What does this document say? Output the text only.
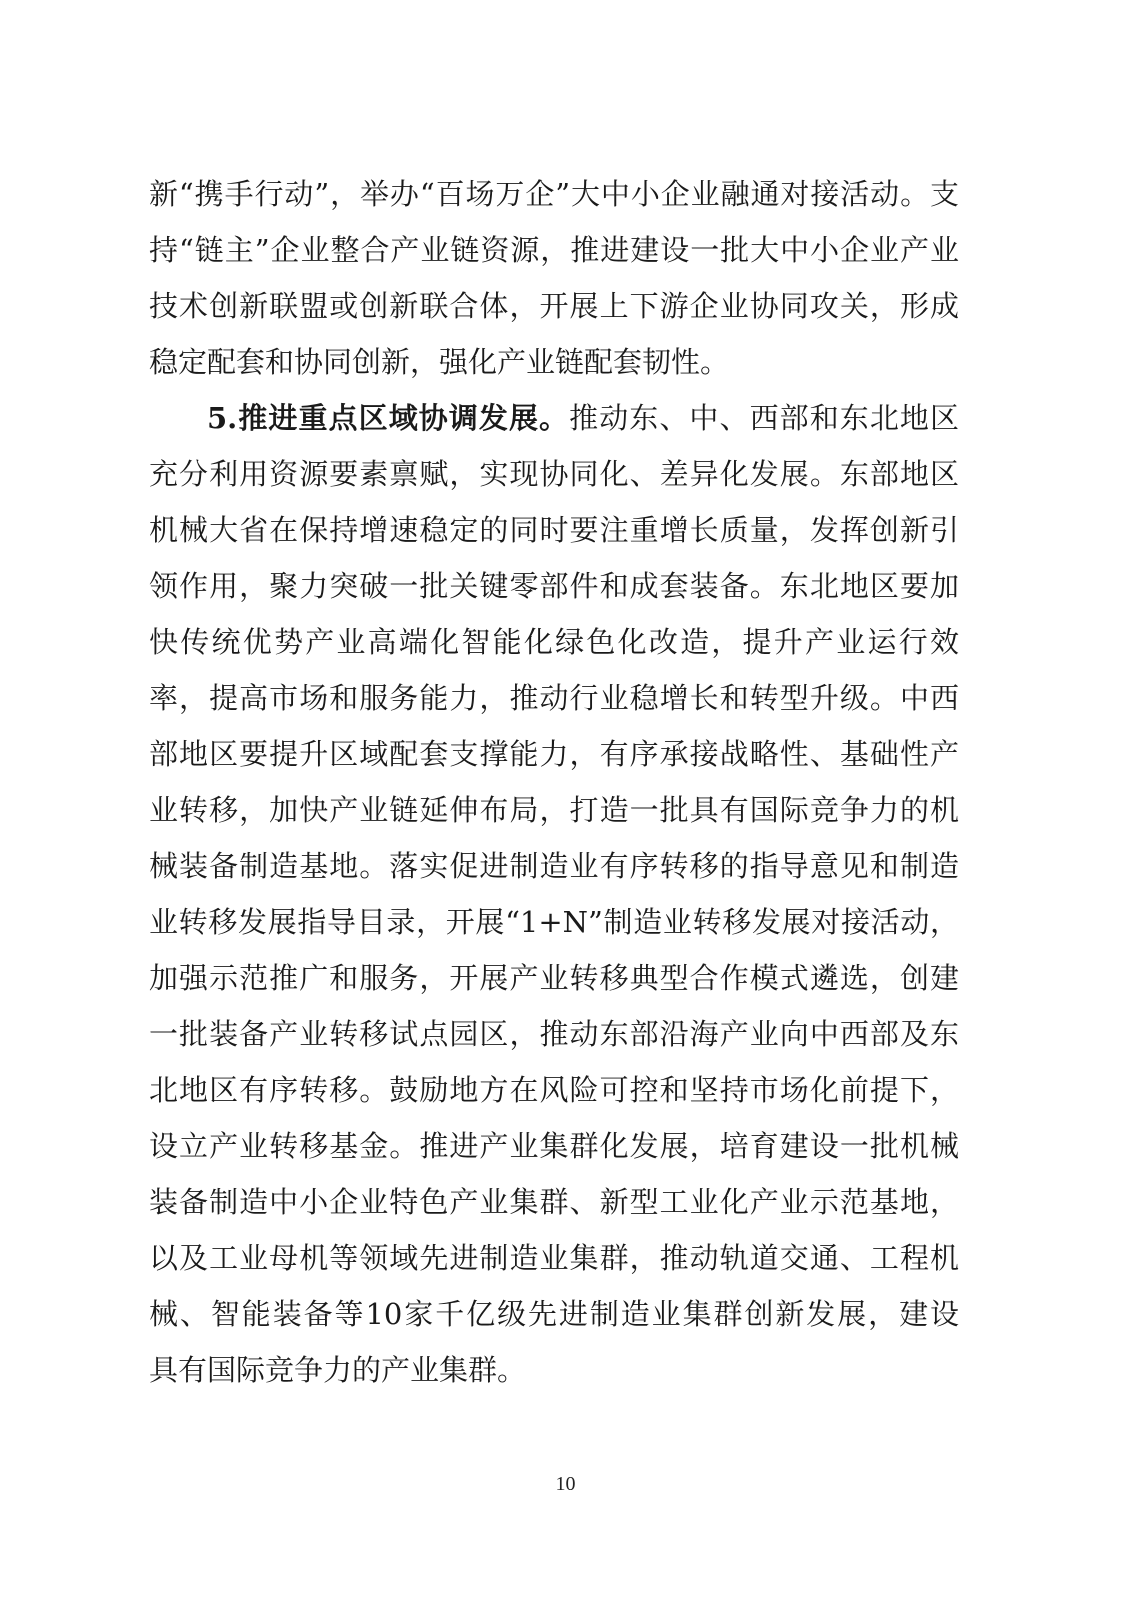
新“携手行动”，举办“百场万企”大中小企业融通对接活动。支
持“链主”企业整合产业链资源，推进建设一批大中小企业产业
技术创新联盟或创新联合体，开展上下游企业协同攻关，形成
稳定配套和协同创新，强化产业链配套韧性。
5.推进重点区域协调发展。推动东、中、西部和东北地区
充分利用资源要素禀赋，实现协同化、差异化发展。东部地区
机械大省在保持增速稳定的同时要注重增长质量，发挥创新引
领作用，聚力突破一批关键零部件和成套装备。东北地区要加
快传统优势产业高端化智能化绿色化改造，提升产业运行效
率，提高市场和服务能力，推动行业稳增长和转型升级。中西
部地区要提升区域配套支撑能力，有序承接战略性、基础性产
业转移，加快产业链延伸布局，打造一批具有国际竞争力的机
械装备制造基地。落实促进制造业有序转移的指导意见和制造
业转移发展指导目录，开展“1+N”制造业转移发展对接活动，
加强示范推广和服务，开展产业转移典型合作模式遴选，创建
一批装备产业转移试点园区，推动东部沿海产业向中西部及东
北地区有序转移。鼓励地方在风险可控和坚持市场化前提下，
设立产业转移基金。推进产业集群化发展，培育建设一批机械
装备制造中小企业特色产业集群、新型工业化产业示范基地，
以及工业母机等领域先进制造业集群，推动轨道交通、工程机
械、智能装备等10家千亿级先进制造业集群创新发展，建设
具有国际竞争力的产业集群。
10
